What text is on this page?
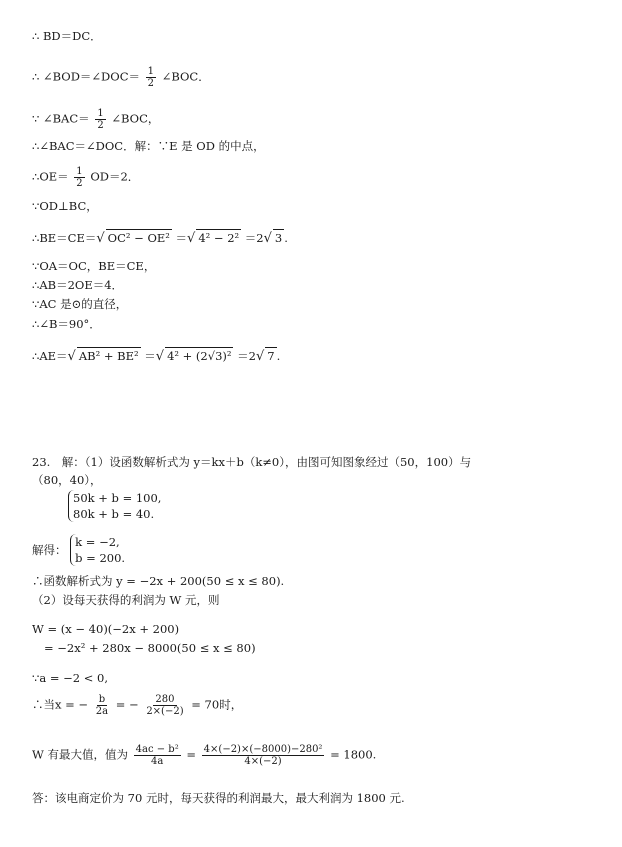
∴ BD＝DC．
∴ ∠BOD＝∠DOC＝ $\frac{1}{2}$ ∠BOC．
∵ ∠BAC＝ $\frac{1}{2}$ ∠BOC，
∴∠BAC＝∠DOC．解：∵E 是 OD 的中点，
∴OE＝ $\frac{1}{2} OD=2$．
∵OD⊥BC，
∴BE＝CE＝√ OC² − OE² ＝√ 4² − 2² ＝2√ 3 .
∵OA＝OC，BE＝CE，
∴AB＝2OE＝4．
∵AC 是⊙的直径，
∴∠B＝90°．
∴AE＝√ AB² + BE² ＝√ 4² + (2√3)² ＝2√ 7 .
23.　解：（1）设函数解析式为 y＝kx＋b（k≠0），由图可知图象经过（50，100）与
（80，40），
50k + b = 100,
80k + b = 40.
解得：
k = −2,
b = 200.
∴函数解析式为 y = −2x + 200(50 ≤ x ≤ 80).
（2）设每天获得的利润为 W 元，则
W = (x − 40)(−2x + 200)
= −2x² + 280x − 8000(50 ≤ x ≤ 80)
∵a = −2 < 0,
∴当x = − $\frac{b}{2a}$ = − $\frac{280}{2\times(-2)} = 70$时，
W 有最大值，值为 $\frac{\text{4ac − b²}}{4a} = \frac{\text{4×(−2)×(−8000)−280²}}{4\times(-2)} = 1800$.
答：该电商定价为 70 元时，每天获得的利润最大，最大利润为 1800 元.
